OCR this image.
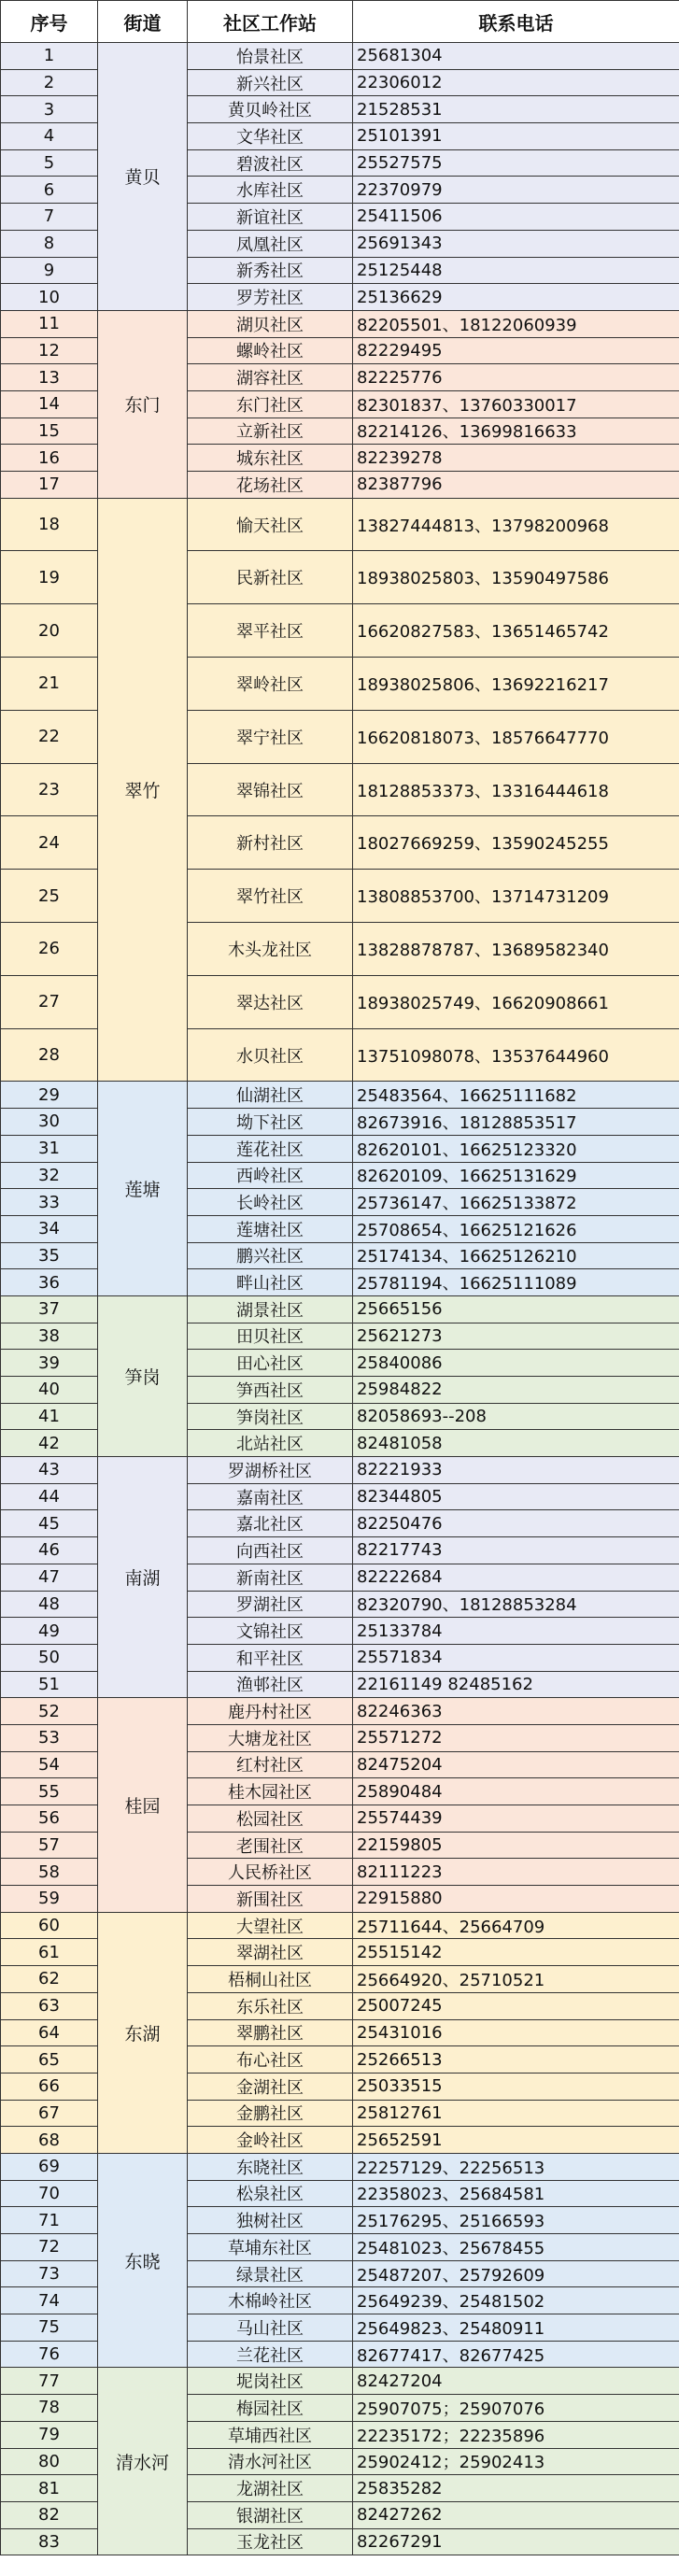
序号	街道	社区工作站	联系电话
1	黄贝	怡景社区	25681304
2		新兴社区	22306012
3		黄贝岭社区	21528531
4		文华社区	25101391
5		碧波社区	25527575
6		水库社区	22370979
7		新谊社区	25411506
8		凤凰社区	25691343
9		新秀社区	25125448
10		罗芳社区	25136629
11	东门	湖贝社区	82205501、18122060939
12		螺岭社区	82229495
13		湖容社区	82225776
14		东门社区	82301837、13760330017
15		立新社区	82214126、13699816633
16		城东社区	82239278
17		花场社区	82387796
18	翠竹	愉天社区	13827444813、13798200968
19		民新社区	18938025803、13590497586
20		翠平社区	16620827583、13651465742
21		翠岭社区	18938025806、13692216217
22		翠宁社区	16620818073、18576647770
23		翠锦社区	18128853373、13316444618
24		新村社区	18027669259、13590245255
25		翠竹社区	13808853700、13714731209
26		木头龙社区	13828878787、13689582340
27		翠达社区	18938025749、16620908661
28		水贝社区	13751098078、13537644960
29	莲塘	仙湖社区	25483564、16625111682
30		坳下社区	82673916、18128853517
31		莲花社区	82620101、16625123320
32		西岭社区	82620109、16625131629
33		长岭社区	25736147、16625133872
34		莲塘社区	25708654、16625121626
35		鹏兴社区	25174134、16625126210
36		畔山社区	25781194、16625111089
37	笋岗	湖景社区	25665156
38		田贝社区	25621273
39		田心社区	25840086
40		笋西社区	25984822
41		笋岗社区	82058693--208
42		北站社区	82481058
43	南湖	罗湖桥社区	82221933
44		嘉南社区	82344805
45		嘉北社区	82250476
46		向西社区	82217743
47		新南社区	82222684
48		罗湖社区	82320790、18128853284
49		文锦社区	25133784
50		和平社区	25571834
51		渔邨社区	22161149 82485162
52	桂园	鹿丹村社区	82246363
53		大塘龙社区	25571272
54		红村社区	82475204
55		桂木园社区	25890484
56		松园社区	25574439
57		老围社区	22159805
58		人民桥社区	82111223
59		新围社区	22915880
60	东湖	大望社区	25711644、25664709
61		翠湖社区	25515142
62		梧桐山社区	25664920、25710521
63		东乐社区	25007245
64		翠鹏社区	25431016
65		布心社区	25266513
66		金湖社区	25033515
67		金鹏社区	25812761
68		金岭社区	25652591
69	东晓	东晓社区	22257129、22256513
70		松泉社区	22358023、25684581
71		独树社区	25176295、25166593
72		草埔东社区	25481023、25678455
73		绿景社区	25487207、25792609
74		木棉岭社区	25649239、25481502
75		马山社区	25649823、25480911
76		兰花社区	82677417、82677425
77	清水河	坭岗社区	82427204
78		梅园社区	25907075；25907076
79		草埔西社区	22235172；22235896
80		清水河社区	25902412；25902413
81		龙湖社区	25835282
82		银湖社区	82427262
83		玉龙社区	82267291
